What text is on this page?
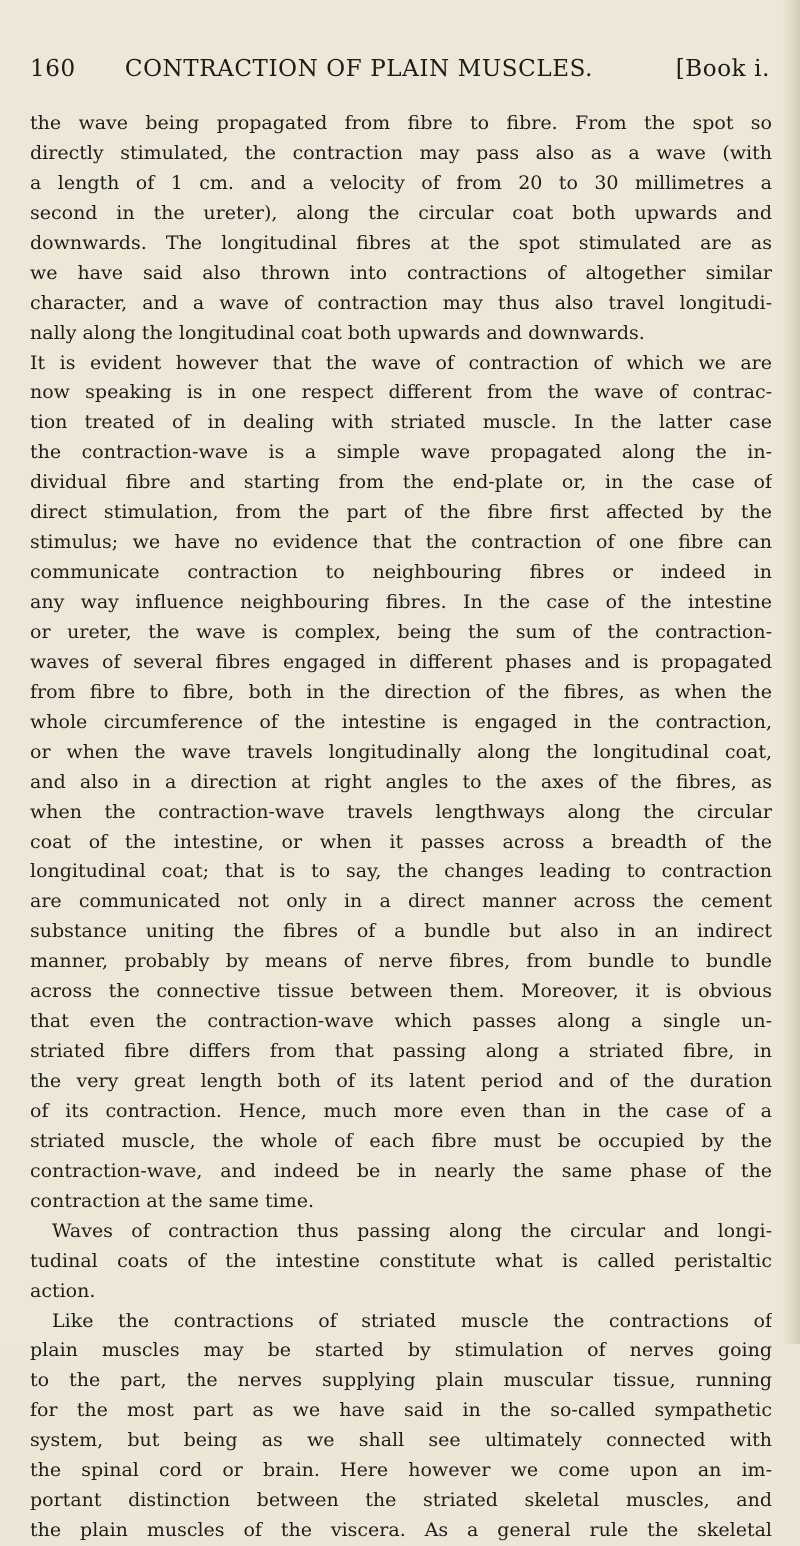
160	CONTRACTION OF PLAIN MUSCLES.	[Book i.
the wave being propagated from fibre to fibre. From the spot so
directly stimulated, the contraction may pass also as a wave (with
a length of 1 cm. and a velocity of from 20 to 30 millimetres a
second in the ureter), along the circular coat both upwards and
downwards. The longitudinal fibres at the spot stimulated are as
we have said also thrown into contractions of altogether similar
character, and a wave of contraction may thus also travel longitudi-
nally along the longitudinal coat both upwards and downwards.
It is evident however that the wave of contraction of which we are
now speaking is in one respect different from the wave of contrac-
tion treated of in dealing with striated muscle. In the latter case
the contraction-wave is a simple wave propagated along the in-
dividual fibre and starting from the end-plate or, in the case of
direct stimulation, from the part of the fibre first affected by the
stimulus; we have no evidence that the contraction of one fibre can
communicate contraction to neighbouring fibres or indeed in
any way influence neighbouring fibres. In the case of the intestine
or ureter, the wave is complex, being the sum of the contraction-
waves of several fibres engaged in different phases and is propagated
from fibre to fibre, both in the direction of the fibres, as when the
whole circumference of the intestine is engaged in the contraction,
or when the wave travels longitudinally along the longitudinal coat,
and also in a direction at right angles to the axes of the fibres, as
when the contraction-wave travels lengthways along the circular
coat of the intestine, or when it passes across a breadth of the
longitudinal coat; that is to say, the changes leading to contraction
are communicated not only in a direct manner across the cement
substance uniting the fibres of a bundle but also in an indirect
manner, probably by means of nerve fibres, from bundle to bundle
across the connective tissue between them. Moreover, it is obvious
that even the contraction-wave which passes along a single un-
striated fibre differs from that passing along a striated fibre, in
the very great length both of its latent period and of the duration
of its contraction. Hence, much more even than in the case of a
striated muscle, the whole of each fibre must be occupied by the
contraction-wave, and indeed be in nearly the same phase of the
contraction at the same time.
Waves of contraction thus passing along the circular and longi-
tudinal coats of the intestine constitute what is called peristaltic
action.
Like the contractions of striated muscle the contractions of
plain muscles may be started by stimulation of nerves going
to the part, the nerves supplying plain muscular tissue, running
for the most part as we have said in the so-called sympathetic
system, but being as we shall see ultimately connected with
the spinal cord or brain. Here however we come upon an im-
portant distinction between the striated skeletal muscles, and
the plain muscles of the viscera. As a general rule the skeletal
